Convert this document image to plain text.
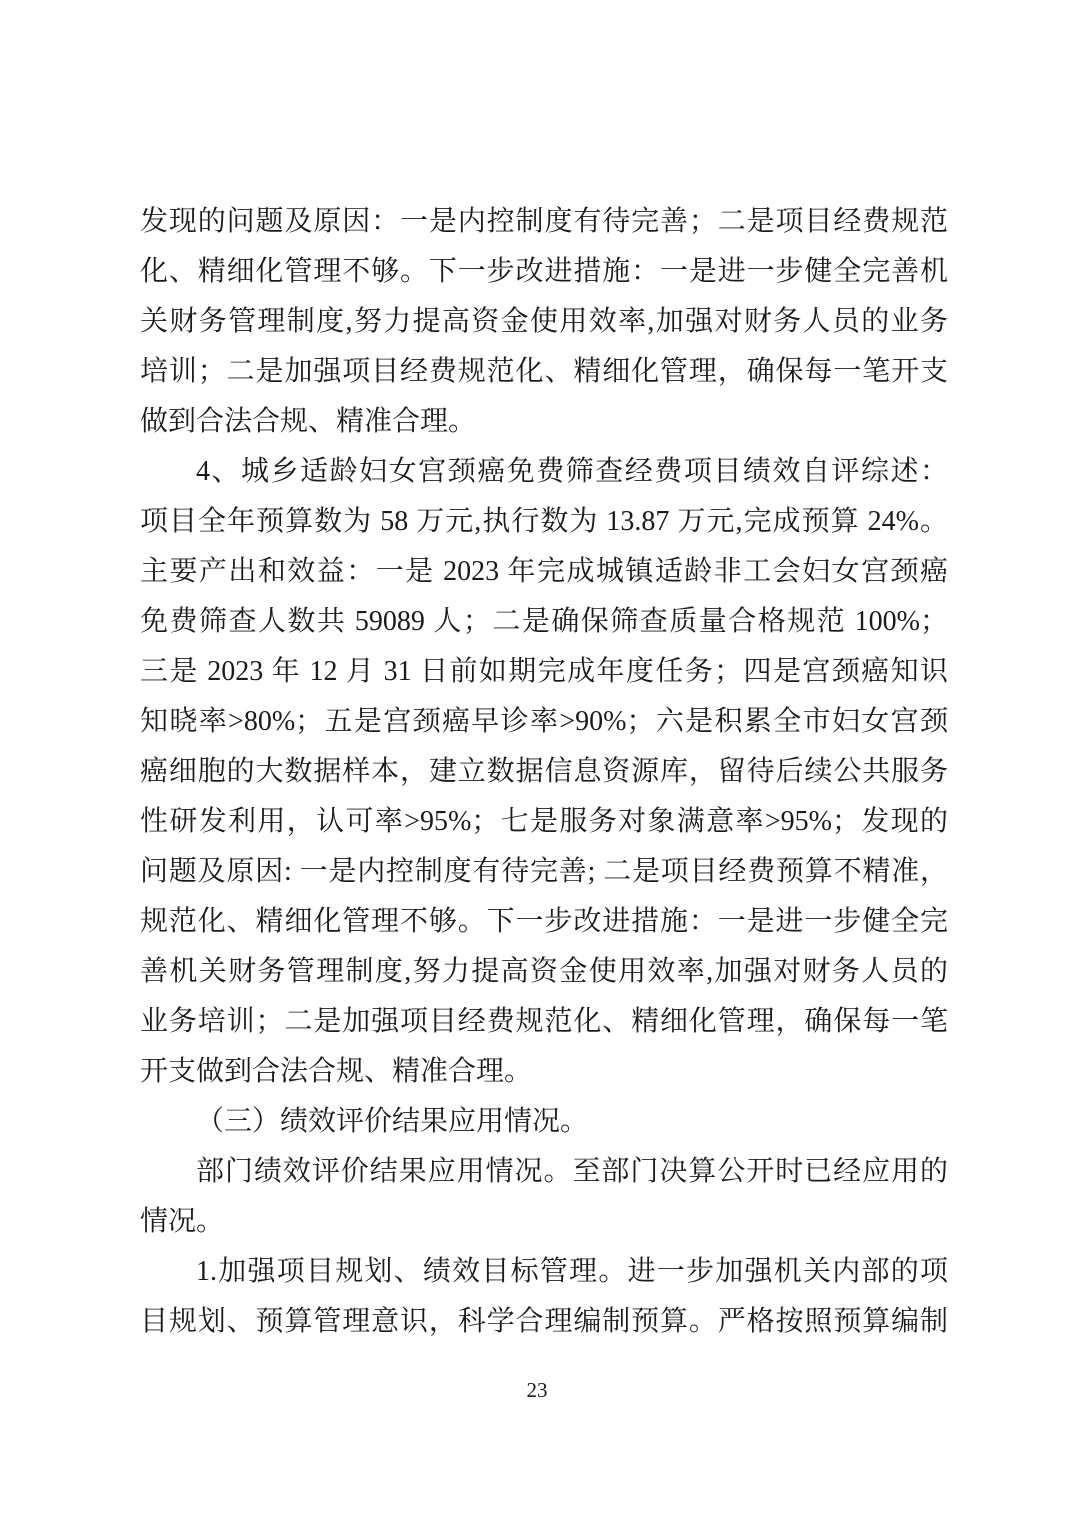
发现的问题及原因：一是内控制度有待完善；二是项目经费规范
化、精细化管理不够。下一步改进措施：一是进一步健全完善机
关财务管理制度,努力提高资金使用效率,加强对财务人员的业务
培训；二是加强项目经费规范化、精细化管理，确保每一笔开支
做到合法合规、精准合理。
4、城乡适龄妇女宫颈癌免费筛查经费项目绩效自评综述：
项目全年预算数为 58 万元,执行数为 13.87 万元,完成预算 24%。
主要产出和效益：一是 2023 年完成城镇适龄非工会妇女宫颈癌
免费筛查人数共 59089 人；二是确保筛查质量合格规范 100%；
三是 2023 年 12 月 31 日前如期完成年度任务；四是宫颈癌知识
知晓率>80%；五是宫颈癌早诊率>90%；六是积累全市妇女宫颈
癌细胞的大数据样本，建立数据信息资源库，留待后续公共服务
性研发利用，认可率>95%；七是服务对象满意率>95%；发现的
问题及原因: 一是内控制度有待完善; 二是项目经费预算不精准，
规范化、精细化管理不够。下一步改进措施：一是进一步健全完
善机关财务管理制度,努力提高资金使用效率,加强对财务人员的
业务培训；二是加强项目经费规范化、精细化管理，确保每一笔
开支做到合法合规、精准合理。
（三）绩效评价结果应用情况。
部门绩效评价结果应用情况。至部门决算公开时已经应用的
情况。
1.加强项目规划、绩效目标管理。进一步加强机关内部的项
目规划、预算管理意识，科学合理编制预算。严格按照预算编制
23
